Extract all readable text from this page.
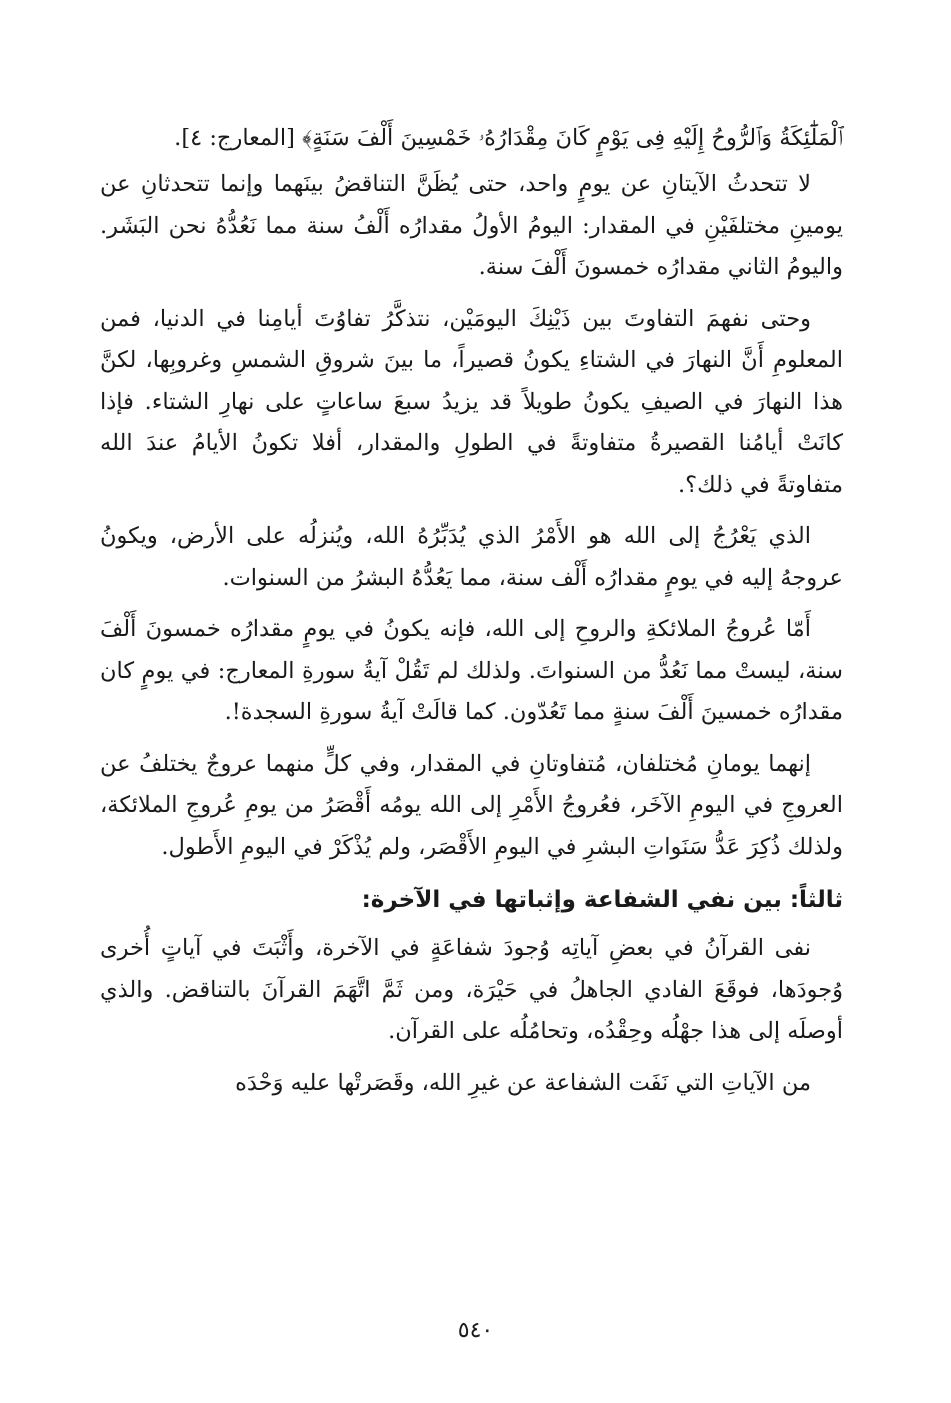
ٱلْمَلَٰٓئِكَةُ وَٱلرُّوحُ إِلَيْهِ فِى يَوْمٍ كَانَ مِقْدَارُهُۥ خَمْسِينَ أَلْفَ سَنَةٍ﴾ [المعارج: ٤].

لا تتحدثُ الآيتانِ عن يومٍ واحد، حتى يُظَنَّ التناقضُ بينَهما وإنما تتحدثانِ عن يومينِ مختلفَيْنِ في المقدار: اليومُ الأولُ مقدارُه أَلْفُ سنة مما نَعُدُّهُ نحن البَشَر. واليومُ الثاني مقدارُه خمسونَ أَلْفَ سنة.

وحتى نفهمَ التفاوتَ بين ذَيْنِكَ اليومَيْن، نتذكَّرُ تفاوُتَ أيامِنا في الدنيا، فمن المعلومِ أَنَّ النهارَ في الشتاءِ يكونُ قصيراً، ما بينَ شروقِ الشمسِ وغروبِها، لكنَّ هذا النهارَ في الصيفِ يكونُ طويلاً قد يزيدُ سبعَ ساعاتٍ على نهارِ الشتاء. فإذا كانَتْ أيامُنا القصيرةُ متفاوتةً في الطولِ والمقدار، أفلا تكونُ الأيامُ عندَ الله متفاوتةً في ذلك؟.

الذي يَعْرُجُ إلى الله هو الأَمْرُ الذي يُدَبِّرُهُ الله، ويُنزلُه على الأرض، ويكونُ عروجهُ إليه في يومٍ مقدارُه أَلْف سنة، مما يَعُدُّهُ البشرُ من السنوات.

أَمّا عُروجُ الملائكةِ والروحِ إلى الله، فإنه يكونُ في يومٍ مقدارُه خمسونَ أَلْفَ سنة، ليستْ مما نَعُدُّ من السنواتَ. ولذلك لم تَقُلْ آيةُ سورةِ المعارج: في يومٍ كان مقدارُه خمسينَ أَلْفَ سنةٍ مما تَعُدّون. كما قالَتْ آيةُ سورةِ السجدة!.

إنهما يومانِ مُختلفان، مُتفاوتانِ في المقدار، وفي كلٍّ منهما عروجٌ يختلفُ عن العروجِ في اليومِ الآخَر، فعُروجُ الأَمْرِ إلى الله يومُه أَقْصَرُ من يومِ عُروجِ الملائكة، ولذلك ذُكِرَ عَدُّ سَنَواتِ البشرِ في اليومِ الأَقْصَر، ولم يُذْكَرْ في اليومِ الأَطول.

ثالثاً: بين نفي الشفاعة وإثباتها في الآخرة:

نفى القرآنُ في بعضِ آياتِه وُجودَ شفاعَةٍ في الآخرة، وأَثْبَتَ في آياتٍ أُخرى وُجودَها، فوقَعَ الفادي الجاهلُ في حَيْرَة، ومن ثَمَّ اتَّهَمَ القرآنَ بالتناقض. والذي أوصلَه إلى هذا جهْلُه وحِقْدُه، وتحامُلُه على القرآن.

من الآياتِ التي نَفَت الشفاعة عن غيرِ الله، وقَصَرتْها عليه وَحْدَه

٥٤٠
